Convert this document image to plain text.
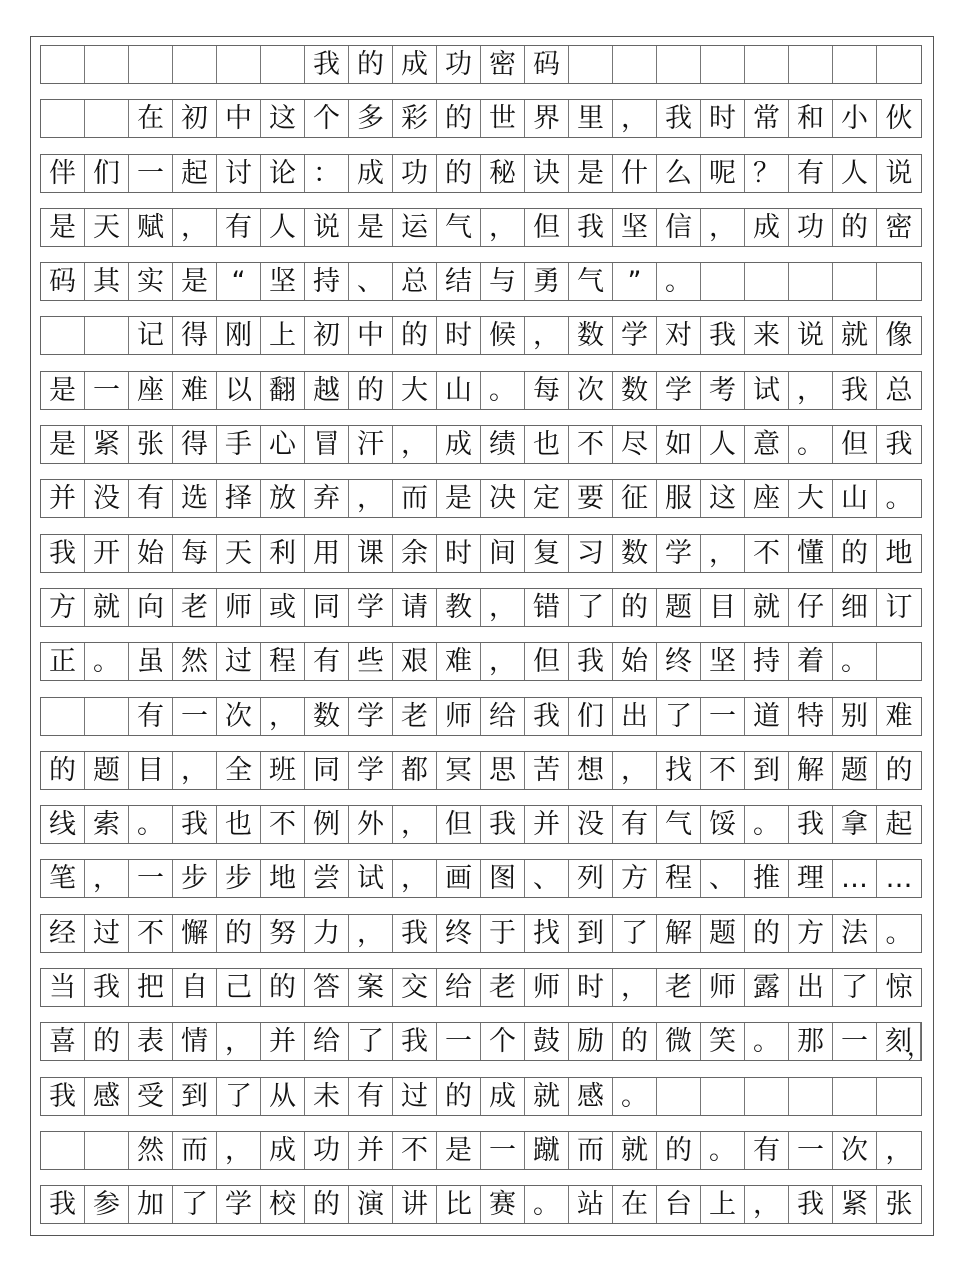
我 的 成 功 密 码
在 初 中 这 个 多 彩 的 世 界 里 ， 我 时 常 和 小 伙
伴 们 一 起 讨 论 ： 成 功 的 秘 诀 是 什 么 呢 ？ 有 人 说
是 天 赋 ， 有 人 说 是 运 气 ， 但 我 坚 信 ， 成 功 的 密
码 其 实 是 “ 坚 持 、 总 结 与 勇 气 ” 。
记 得 刚 上 初 中 的 时 候 ， 数 学 对 我 来 说 就 像
是 一 座 难 以 翻 越 的 大 山 。 每 次 数 学 考 试 ， 我 总
是 紧 张 得 手 心 冒 汗 ， 成 绩 也 不 尽 如 人 意 。 但 我
并 没 有 选 择 放 弃 ， 而 是 决 定 要 征 服 这 座 大 山 。
我 开 始 每 天 利 用 课 余 时 间 复 习 数 学 ， 不 懂 的 地
方 就 向 老 师 或 同 学 请 教 ， 错 了 的 题 目 就 仔 细 订
正 。 虽 然 过 程 有 些 艰 难 ， 但 我 始 终 坚 持 着 。
有 一 次 ， 数 学 老 师 给 我 们 出 了 一 道 特 别 难
的 题 目 ， 全 班 同 学 都 冥 思 苦 想 ， 找 不 到 解 题 的
线 索 。 我 也 不 例 外 ， 但 我 并 没 有 气 馁 。 我 拿 起
笔 ， 一 步 步 地 尝 试 ， 画 图 、 列 方 程 、 推 理 … …
经 过 不 懈 的 努 力 ， 我 终 于 找 到 了 解 题 的 方 法 。
当 我 把 自 己 的 答 案 交 给 老 师 时 ， 老 师 露 出 了 惊
喜 的 表 情 ， 并 给 了 我 一 个 鼓 励 的 微 笑 。 那 一 刻
，
我 感 受 到 了 从 未 有 过 的 成 就 感 。
然 而 ， 成 功 并 不 是 一 蹴 而 就 的 。 有 一 次 ，
我 参 加 了 学 校 的 演 讲 比 赛 。 站 在 台 上 ， 我 紧 张
